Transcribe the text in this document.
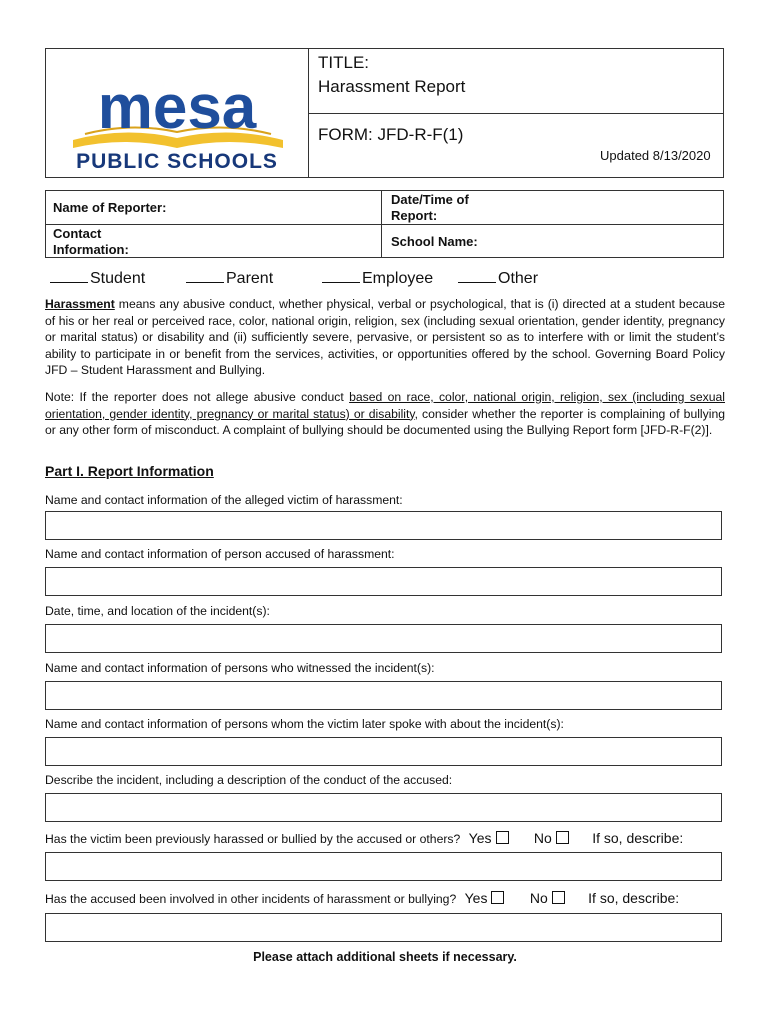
mesa
PUBLIC SCHOOLS
TITLE:
Harassment Report
FORM: JFD-R-F(1)
Updated 8/13/2020
Name of Reporter:
Date/Time of
Report:
Contact
Information:
School Name:
Student	Parent	Employee	Other
Harassment means any abusive conduct, whether physical, verbal or psychological, that is (i) directed at a student because of his or her real or perceived race, color, national origin, religion, sex (including sexual orientation, gender identity, pregnancy or marital status) or disability and (ii) sufficiently severe, pervasive, or persistent so as to interfere with or limit the student’s ability to participate in or benefit from the services, activities, or opportunities offered by the school. Governing Board Policy JFD – Student Harassment and Bullying.
Note: If the reporter does not allege abusive conduct based on race, color, national origin, religion, sex (including sexual orientation, gender identity, pregnancy or marital status) or disability, consider whether the reporter is complaining of bullying or any other form of misconduct. A complaint of bullying should be documented using the Bullying Report form [JFD-R-F(2)].
Part I. Report Information
Name and contact information of the alleged victim of harassment:
Name and contact information of person accused of harassment:
Date, time, and location of the incident(s):
Name and contact information of persons who witnessed the incident(s):
Name and contact information of persons whom the victim later spoke with about the incident(s):
Describe the incident, including a description of the conduct of the accused:
Has the victim been previously harassed or bullied by the accused or others? Yes	No	If so, describe:
Has the accused been involved in other incidents of harassment or bullying? Yes	No	If so, describe:
Please attach additional sheets if necessary.
